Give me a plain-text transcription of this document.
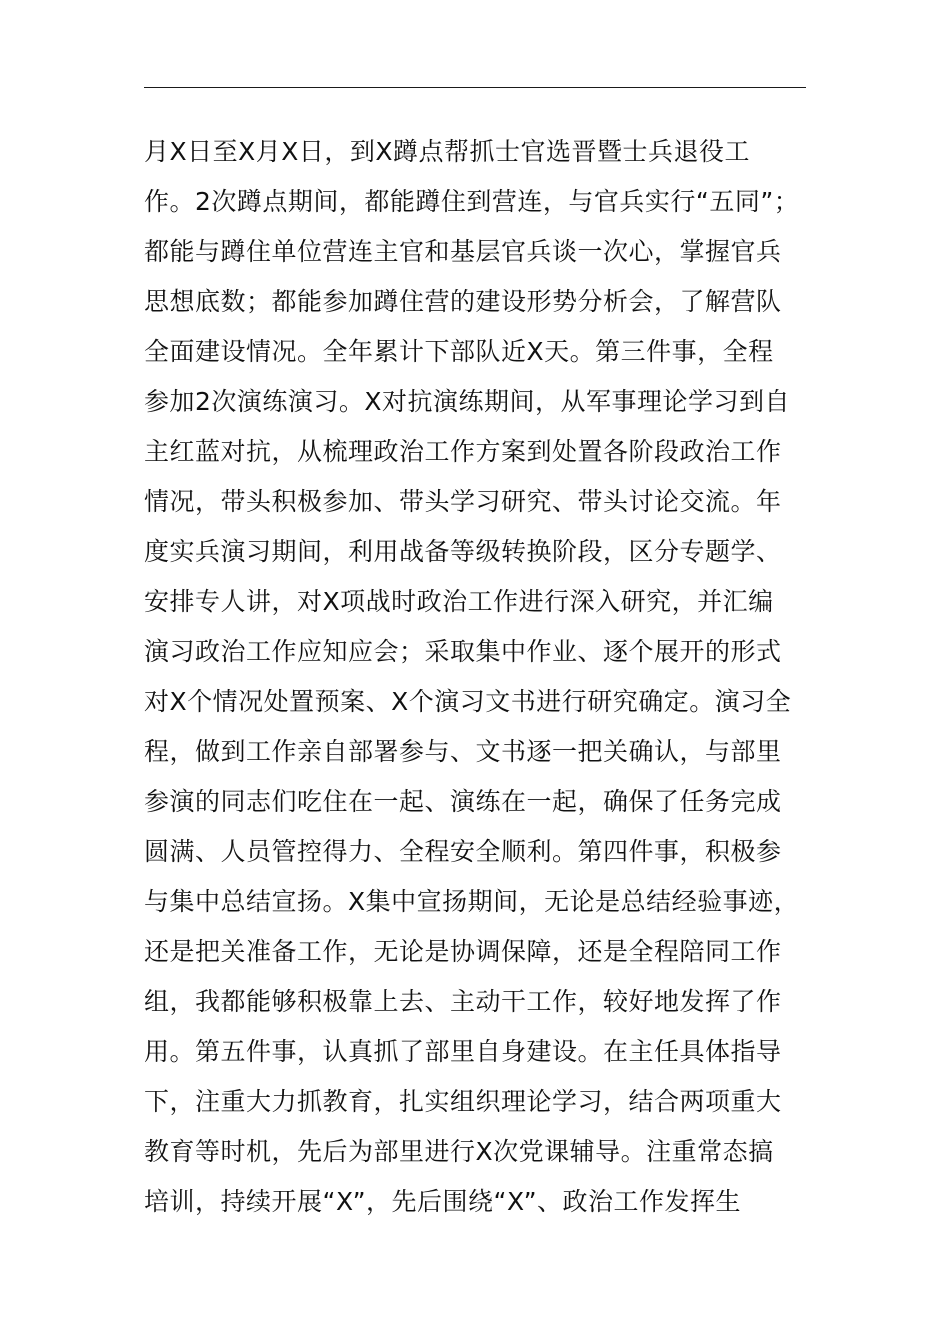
月X日至X月X日，到X蹲点帮抓士官选晋暨士兵退役工
作。2次蹲点期间，都能蹲住到营连，与官兵实行“五同”；
都能与蹲住单位营连主官和基层官兵谈一次心，掌握官兵
思想底数；都能参加蹲住营的建设形势分析会，了解营队
全面建设情况。全年累计下部队近X天。第三件事，全程
参加2次演练演习。X对抗演练期间，从军事理论学习到自
主红蓝对抗，从梳理政治工作方案到处置各阶段政治工作
情况，带头积极参加、带头学习研究、带头讨论交流。年
度实兵演习期间，利用战备等级转换阶段，区分专题学、
安排专人讲，对X项战时政治工作进行深入研究，并汇编
演习政治工作应知应会；采取集中作业、逐个展开的形式
对X个情况处置预案、X个演习文书进行研究确定。演习全
程，做到工作亲自部署参与、文书逐一把关确认，与部里
参演的同志们吃住在一起、演练在一起，确保了任务完成
圆满、人员管控得力、全程安全顺利。第四件事，积极参
与集中总结宣扬。X集中宣扬期间，无论是总结经验事迹，
还是把关准备工作，无论是协调保障，还是全程陪同工作
组，我都能够积极靠上去、主动干工作，较好地发挥了作
用。第五件事，认真抓了部里自身建设。在主任具体指导
下，注重大力抓教育，扎实组织理论学习，结合两项重大
教育等时机，先后为部里进行X次党课辅导。注重常态搞
培训，持续开展“X”，先后围绕“X”、政治工作发挥生
